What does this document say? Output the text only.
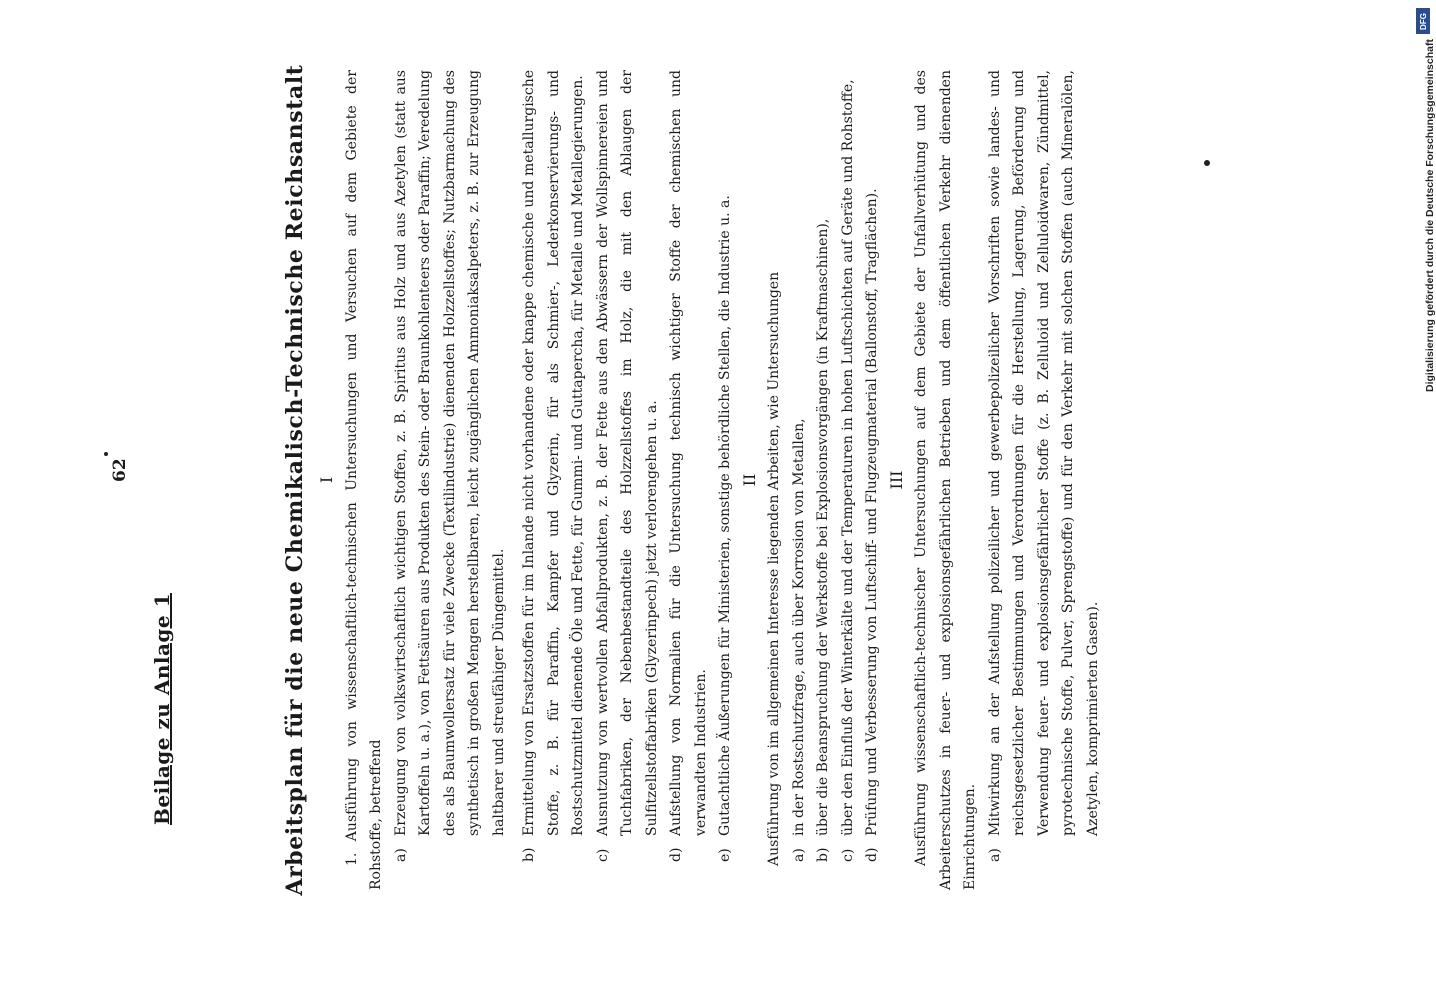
Beilage zu Anlage 1
62	Arbeitsplan für die neue Chemikalisch-Technische Reichsanstalt I 1. Ausführung von wissenschaftlich-technischen Untersuchungen und Versuchen auf dem Gebiete der Rohstoffe, betreffend a)
Erzeugung von volkswirtschaftlich wichtigen Stoffen, z. B. Spiritus aus Holz und aus Azetylen (statt aus Kartoffeln u. a.), von Fettsäuren aus Produkten des Stein- oder Braunkohlenteers oder Paraffin; Veredelung des als Baumwollersatz für viele Zwecke (Textilindustrie) dienenden Holzzellstoffes; Nutzbarmachung des synthetisch in großen Mengen herstellbaren, leicht zugänglichen Ammoniaksalpeters, z. B. zur Erzeugung haltbarer und streufähiger Düngemittel.
b)
Ermittelung von Ersatzstoffen für im Inlande nicht vorhandene oder knappe chemische und metallurgische Stoffe, z. B. für Paraffin, Kampfer und Glyzerin, für als Schmier-, Lederkonservierungs- und Rostschutzmittel dienende Öle und Fette, für Gummi- und Guttapercha, für Metalle und Metallegierungen.
c)
Ausnutzung von wertvollen Abfallprodukten, z. B. der Fette aus den Abwässern der Wollspinnereien und Tuchfabriken, der Nebenbestandteile des Holzzellstoffes im Holz, die mit den Ablaugen der Sulfitzellstoffabriken (Glyzerinpech) jetzt verlorengehen u. a.
d)
Aufstellung von Normalien für die Untersuchung technisch wichtiger Stoffe der chemischen und verwandten Industrien.
e)
Gutachtliche Äußerungen für Ministerien, sonstige behördliche Stellen, die Industrie u. a. II Ausführung von im allgemeinen Interesse liegenden Arbeiten, wie Untersuchungen a)
in der Rostschutzfrage, auch über Korrosion von Metallen,
b)
über die Beanspruchung der Werkstoffe bei Explosionsvorgängen (in Kraftmaschinen),
c)
über den Einfluß der Winterkälte und der Temperaturen in hohen Luftschichten auf Geräte und Rohstoffe,
d)
Prüfung und Verbesserung von Luftschiff- und Flugzeugmaterial (Ballonstoff, Tragflächen). III Ausführung wissenschaftlich-technischer Untersuchungen auf dem Gebiete der Unfallverhütung und des Arbeiterschutzes in feuer- und explosionsgefährlichen Betrieben und dem öffentlichen Verkehr dienenden Einrichtungen. a)
Mitwirkung an der Aufstellung polizeilicher und gewerbepolizeilicher Vorschriften sowie landes- und reichsgesetzlicher Bestimmungen und Verordnungen für die Herstellung, Lagerung, Beförderung und Verwendung feuer- und explosionsgefährlicher Stoffe (z. B. Zelluloid und Zelluloidwaren, Zündmittel, pyrotechnische Stoffe, Pulver, Sprengstoffe) und für den Verkehr mit solchen Stoffen (auch Mineralölen, Azetylen, komprimierten Gasen).
DFG
Digitalisierung gefördert durch die Deutsche Forschungsgemeinschaft
